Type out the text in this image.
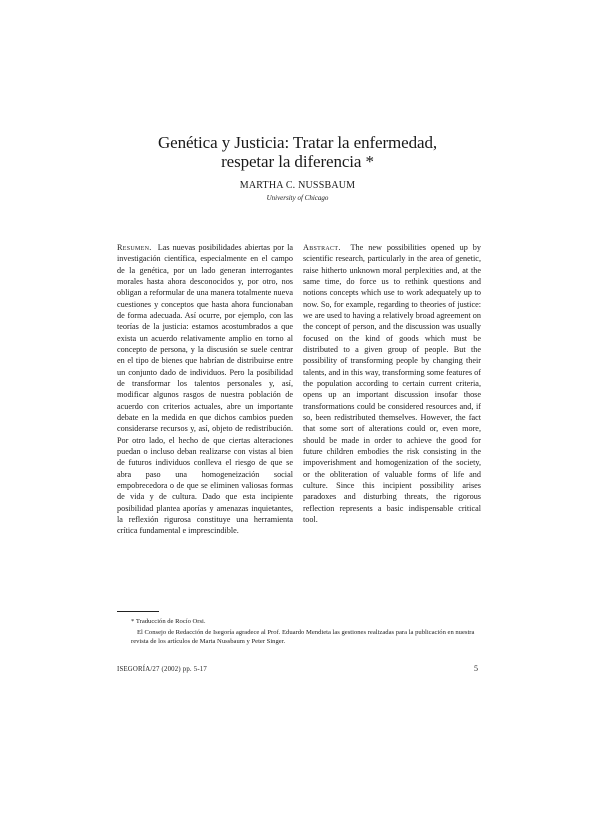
Genética y Justicia: Tratar la enfermedad,
respetar la diferencia *
MARTHA C. NUSSBAUM
University of Chicago

Resumen. Las nuevas posibilidades abiertas por la investigación científica, especialmente en el campo de la genética, por un lado generan interrogantes morales hasta ahora desconocidos y, por otro, nos obligan a reformular de una manera totalmente nueva cuestiones y conceptos que hasta ahora funcionaban de forma adecuada. Así ocurre, por ejemplo, con las teorías de la justicia: estamos acostumbrados a que exista un acuerdo relativamente amplio en torno al concepto de persona, y la discusión se suele centrar en el tipo de bienes que habrían de distribuirse entre un conjunto dado de individuos. Pero la posibilidad de transformar los talentos personales y, así, modificar algunos rasgos de nuestra población de acuerdo con criterios actuales, abre un importante debate en la medida en que dichos cambios pueden considerarse recursos y, así, objeto de redistribución. Por otro lado, el hecho de que ciertas alteraciones puedan o incluso deban realizarse con vistas al bien de futuros individuos conlleva el riesgo de que se abra paso una homogeneización social empobrecedora o de que se eliminen valiosas formas de vida y de cultura. Dado que esta incipiente posibilidad plantea aporías y amenazas inquietantes, la reflexión rigurosa constituye una herramienta crítica fundamental e imprescindible.

Abstract. The new possibilities opened up by scientific research, particularly in the area of genetic, raise hitherto unknown moral perplexities and, at the same time, do force us to rethink questions and notions concepts which use to work adequately up to now. So, for example, regarding to theories of justice: we are used to having a relatively broad agreement on the concept of person, and the discussion was usually focused on the kind of goods which must be distributed to a given group of people. But the possibility of transforming people by changing their talents, and in this way, transforming some features of the population according to certain current criteria, opens up an important discussion insofar those transformations could be considered resources and, if so, been redistributed themselves. However, the fact that some sort of alterations could or, even more, should be made in order to achieve the good for future children embodies the risk consisting in the impoverishment and homogenization of the society, or the obliteration of valuable forms of life and culture. Since this incipient possibility arises paradoxes and disturbing threats, the rigorous reflection represents a basic indispensable critical tool.

* Traducción de Rocío Orsi.
El Consejo de Redacción de Isegoría agradece al Prof. Eduardo Mendieta las gestiones realizadas para la publicación en nuestra revista de los artículos de Marta Nussbaum y Peter Singer.
ISEGORÍA/27 (2002) pp. 5-17	5
